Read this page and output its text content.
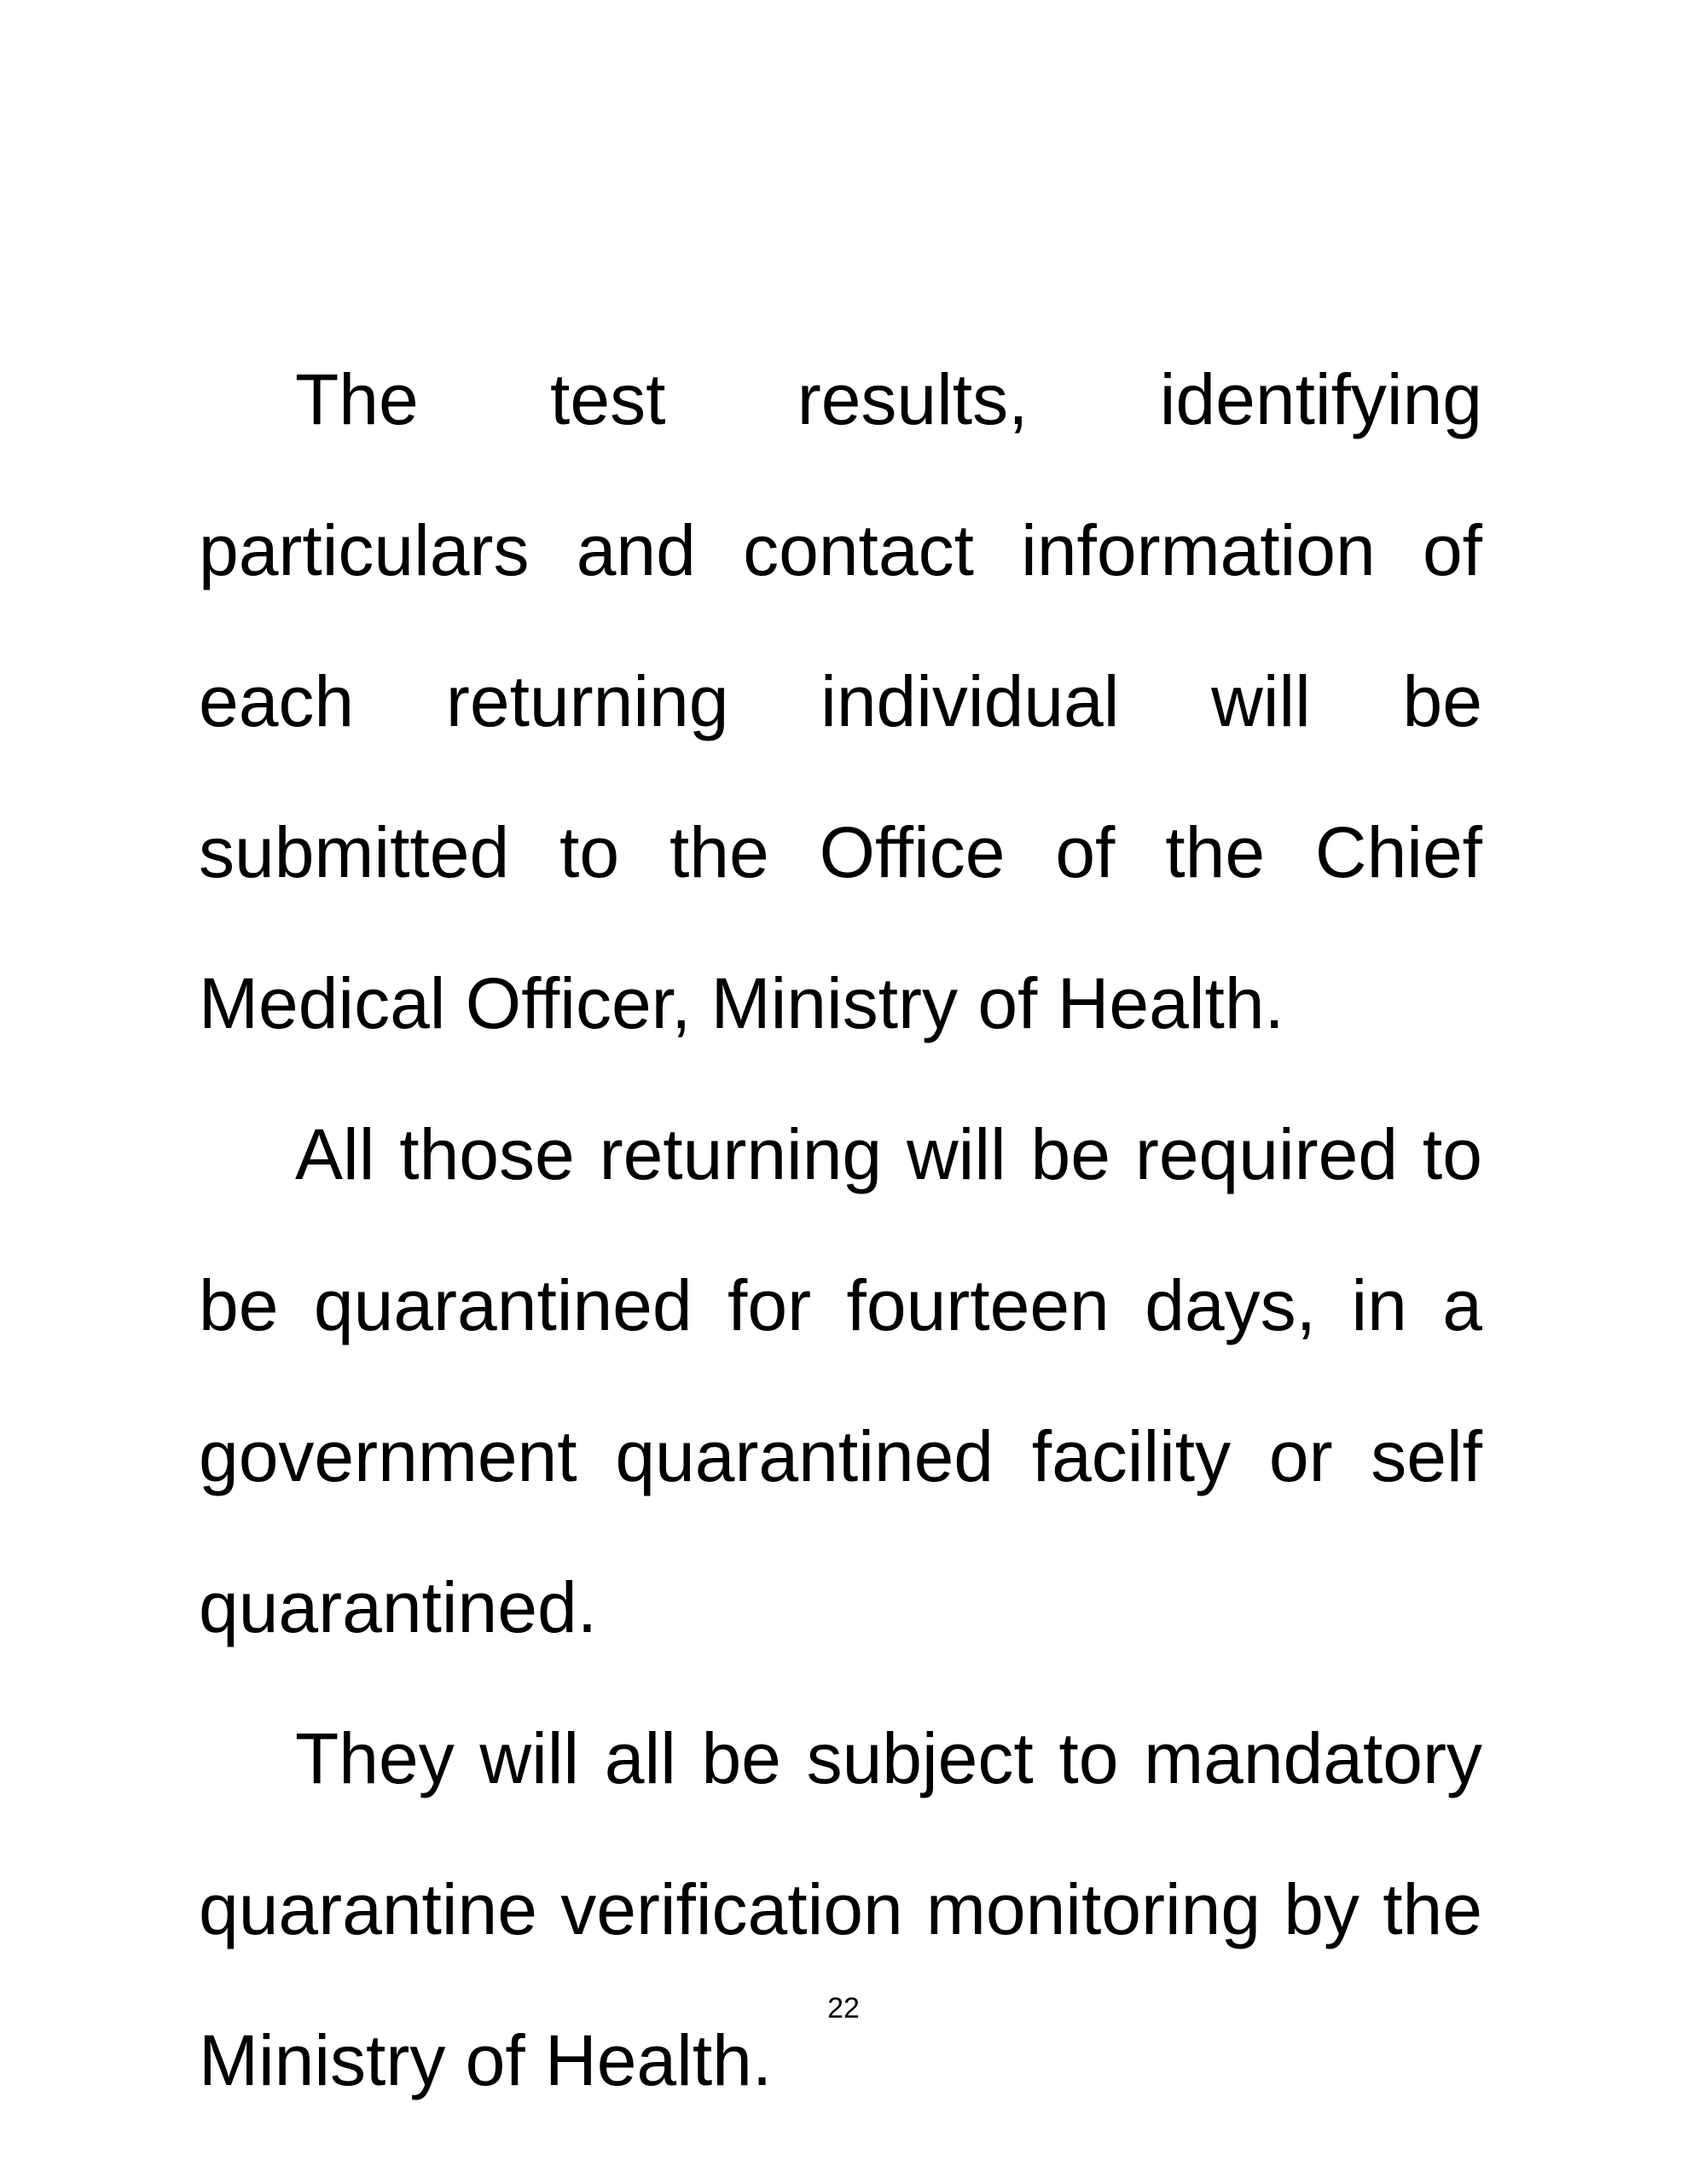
The test results, identifying particulars and contact information of each returning individual will be submitted to the Office of the Chief Medical Officer, Ministry of Health.

All those returning will be required to be quarantined for fourteen days, in a government quarantined facility or self quarantined.

They will all be subject to mandatory quarantine verification monitoring by the Ministry of Health.

22
